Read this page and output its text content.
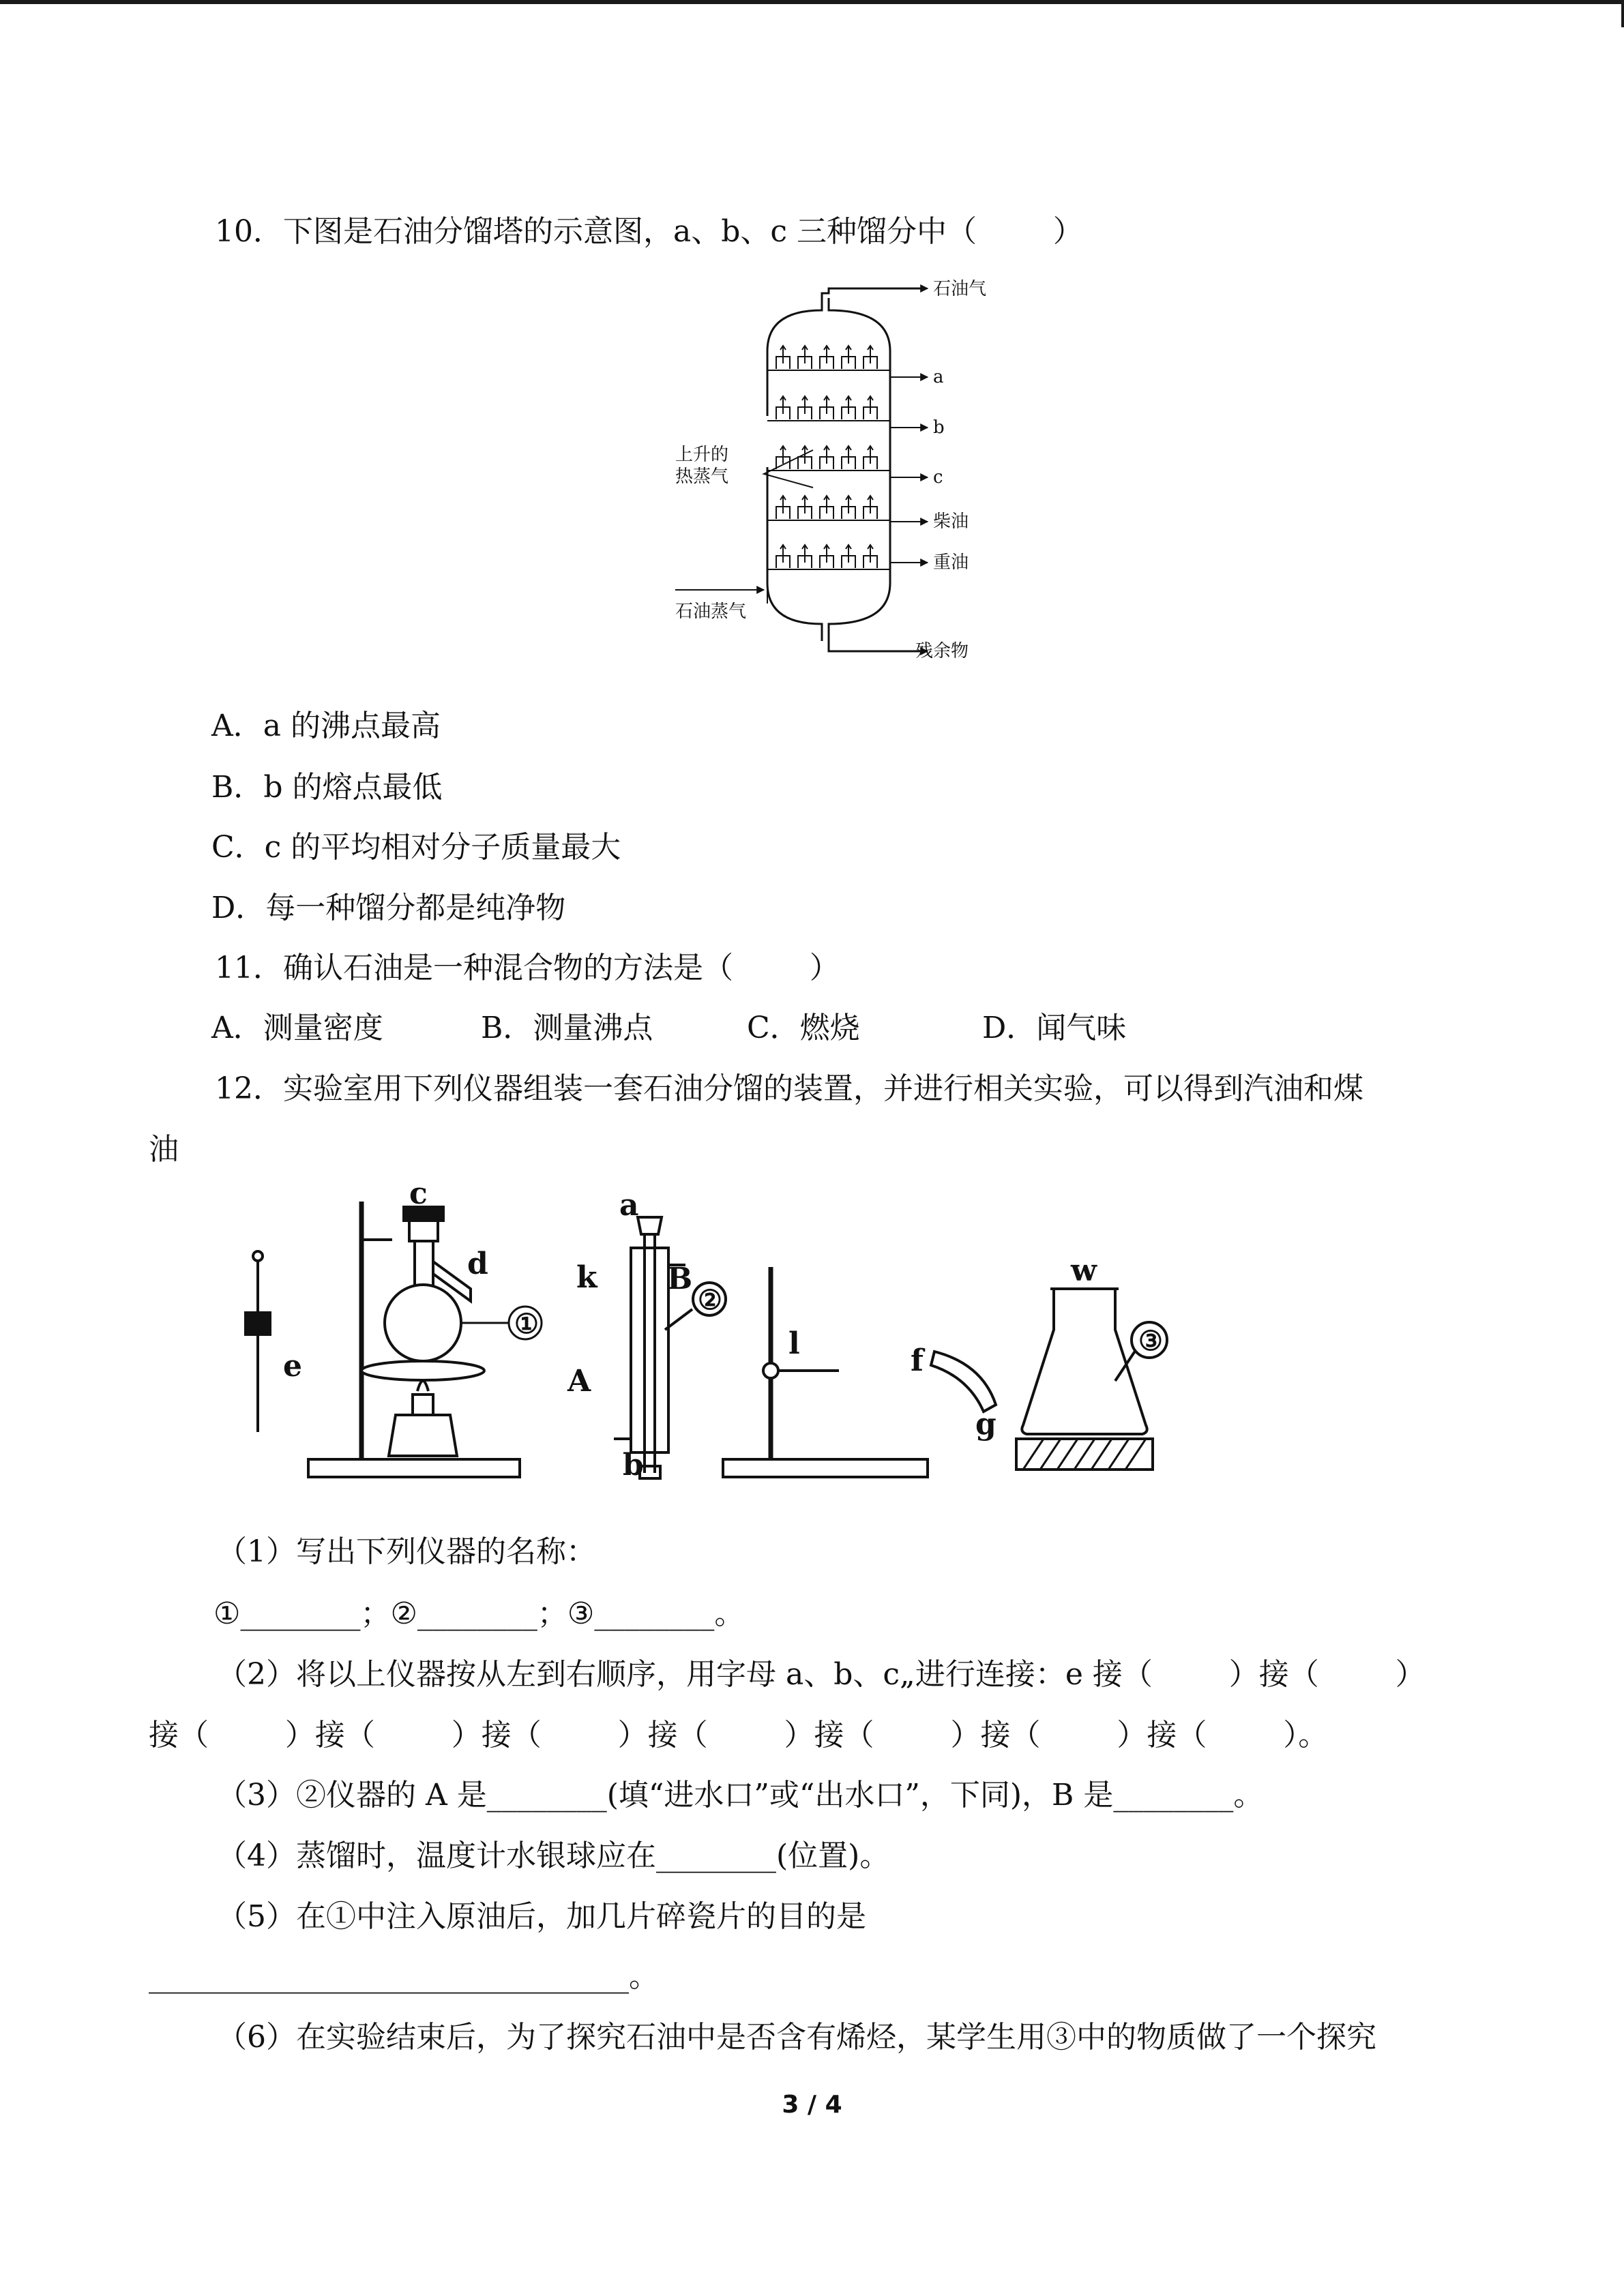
10．下图是石油分馏塔的示意图，a、b、c 三种馏分中（        ）
石油气
a
b
c
柴油
重油
上升的
热蒸气
石油蒸气
残余物
A．a 的沸点最高
B．b 的熔点最低
C．c 的平均相对分子质量最大
D．每一种馏分都是纯净物
11．确认石油是一种混合物的方法是（        ）
A．测量密度	B．测量沸点	C．燃烧	D．闻气味
12．实验室用下列仪器组装一套石油分馏的装置，并进行相关实验，可以得到汽油和煤
油
e
c
d
①
a
k B
②
A
b
l	f
g
w
③
（1）写出下列仪器的名称：
①________；②________；③________。
（2）将以上仪器按从左到右顺序，用字母 a、b、c„进行连接：e 接（        ）接（        ）
接（        ）接（        ）接（        ）接（        ）接（        ）接（        ）接（        ）。
（3）②仪器的 A 是________(填“进水口”或“出水口”，下同)，B 是________。
（4）蒸馏时，温度计水银球应在________(位置)。
（5）在①中注入原油后，加几片碎瓷片的目的是
________________________________。
（6）在实验结束后，为了探究石油中是否含有烯烃，某学生用③中的物质做了一个探究
3 / 4
